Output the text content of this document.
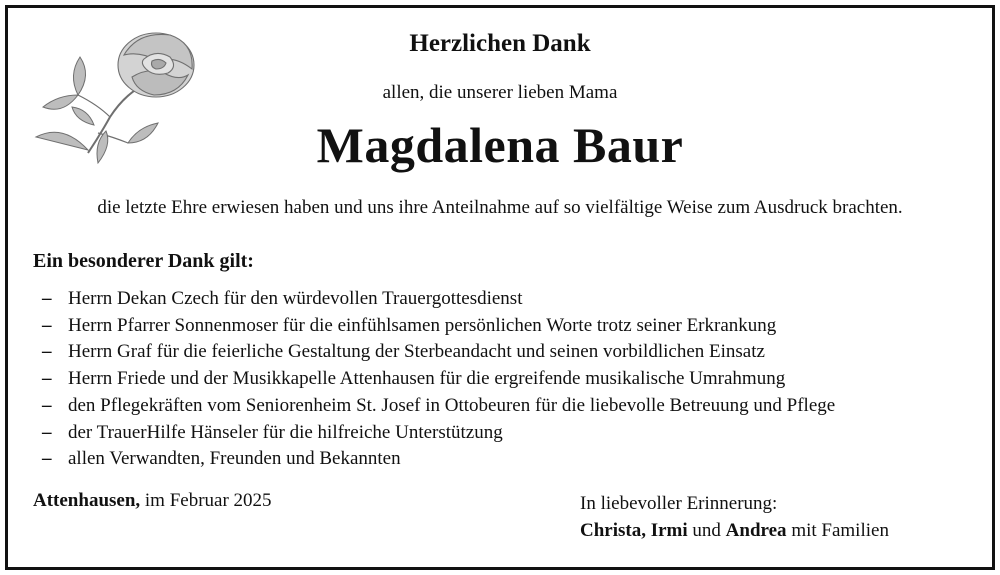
Herzlichen Dank
allen, die unserer lieben Mama
Magdalena Baur
die letzte Ehre erwiesen haben und uns ihre Anteilnahme auf so vielfältige Weise zum Ausdruck brachten.
Ein besonderer Dank gilt:
– Herrn Dekan Czech für den würdevollen Trauergottesdienst
– Herrn Pfarrer Sonnenmoser für die einfühlsamen persönlichen Worte trotz seiner Erkrankung
– Herrn Graf für die feierliche Gestaltung der Sterbeandacht und seinen vorbildlichen Einsatz
– Herrn Friede und der Musikkapelle Attenhausen für die ergreifende musikalische Umrahmung
– den Pflegekräften vom Seniorenheim St. Josef in Ottobeuren für die liebevolle Betreuung und Pflege
– der TrauerHilfe Hänseler für die hilfreiche Unterstützung
– allen Verwandten, Freunden und Bekannten
Attenhausen, im Februar 2025	In liebevoller Erinnerung:
Christa, Irmi und Andrea mit Familien
